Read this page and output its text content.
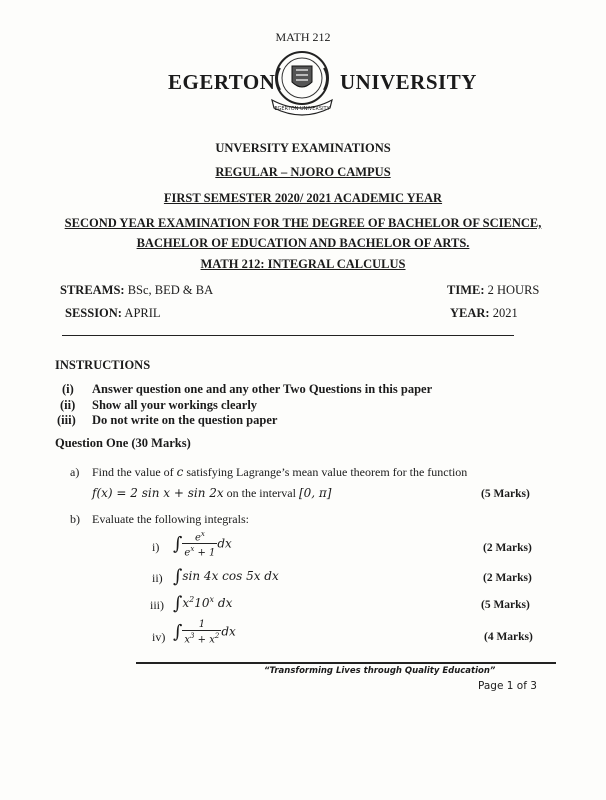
MATH 212
EGERTON
EGERTON UNIVERSITY
UNIVERSITY
UNVERSITY EXAMINATIONS
REGULAR – NJORO CAMPUS
FIRST SEMESTER 2020/ 2021 ACADEMIC YEAR
SECOND YEAR EXAMINATION FOR THE DEGREE OF BACHELOR OF SCIENCE,
BACHELOR OF EDUCATION AND BACHELOR OF ARTS.
MATH 212: INTEGRAL CALCULUS
STREAMS: BSc, BED & BA	TIME: 2 HOURS
SESSION: APRIL	YEAR: 2021
INSTRUCTIONS
(i) Answer question one and any other Two Questions in this paper
(ii) Show all your workings clearly
(iii) Do not write on the question paper
Question One (30 Marks)
a) Find the value of c satisfying Lagrange’s mean value theorem for the function
f(x) = 2 sin x + sin 2x on the interval [0, π]	(5 Marks)
b) Evaluate the following integrals:
i) ∫ $\frac{e^x}{e^x + 1}$ dx	(2 Marks)
ii) ∫sin 4x cos 5x dx	(2 Marks)
iii) $\int x^210^x$ dx	(5 Marks)
iv) ∫ $\frac{1}{x^3 + x^2}$ dx	(4 Marks)
“Transforming Lives through Quality Education”
Page 1 of 3
